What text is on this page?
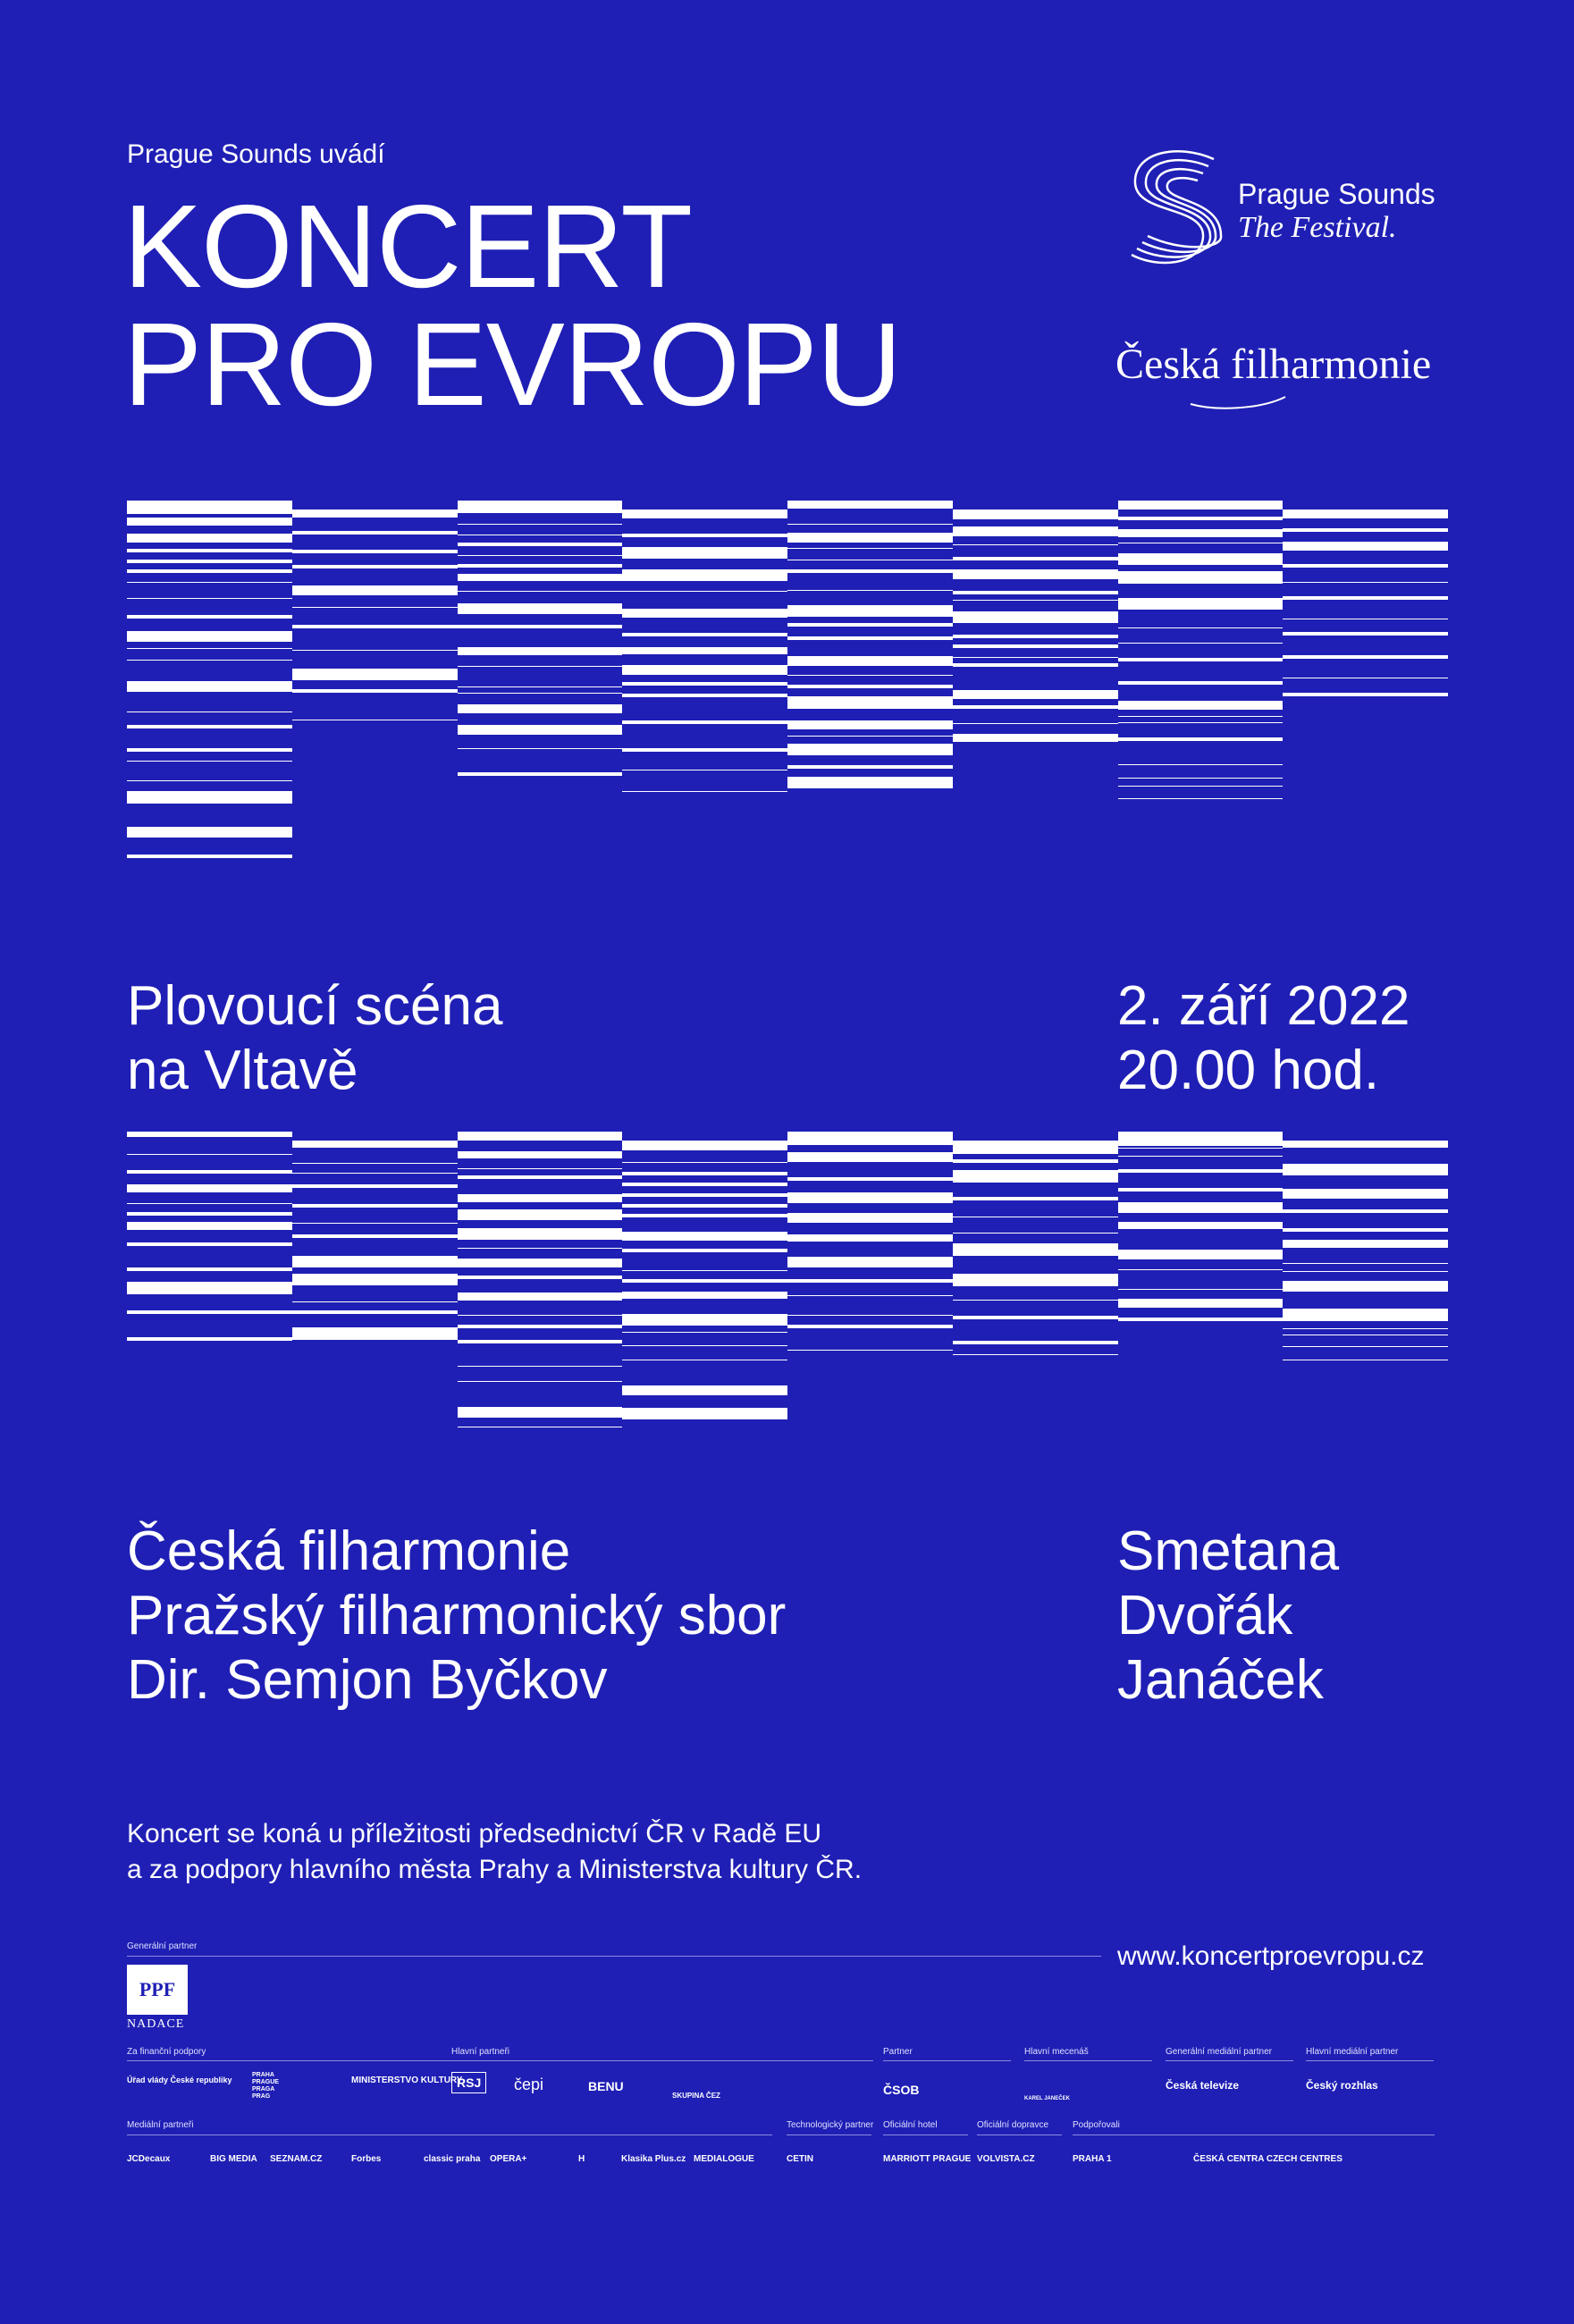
Prague Sounds uvádí
KONCERT
PRO EVROPU
Prague Sounds
The Festival.
Česká filharmonie
Plovoucí scéna
na Vltavě
2. září 2022
20.00 hod.
Česká filharmonie
Pražský filharmonický sbor
Dir. Semjon Byčkov
Smetana
Dvořák
Janáček
Koncert se koná u příležitosti předsednictví ČR v Radě EU
a za podpory hlavního města Prahy a Ministerstva kultury ČR.
Generální partner	www.koncertproevropu.cz
PPF
NADACE
Za finanční podpory	Hlavní partneři	Partner	Hlavní mecenáš	Generální mediální partner	Hlavní mediální partner
Úřad vlády České republiky
PRAHA PRAGUE PRAGA PRAG
MINISTERSTVO KULTURY
RSJ	čepi	BENU
SKUPINA ČEZ	ČSOB
KAREL JANEČEK
Česká televize	Český rozhlas
Mediální partneři	Technologický partner Oficiální hotel	Oficiální dopravce	Podpořovali
JCDecaux	BIG MEDIA SEZNAM.CZ	Forbes	classic praha OPERA+	H	Klasika Plus.cz MEDIALOGUE	CETIN	MARRIOTT PRAGUE VOLVISTA.CZ	PRAHA 1	ČESKÁ CENTRA CZECH CENTRES
